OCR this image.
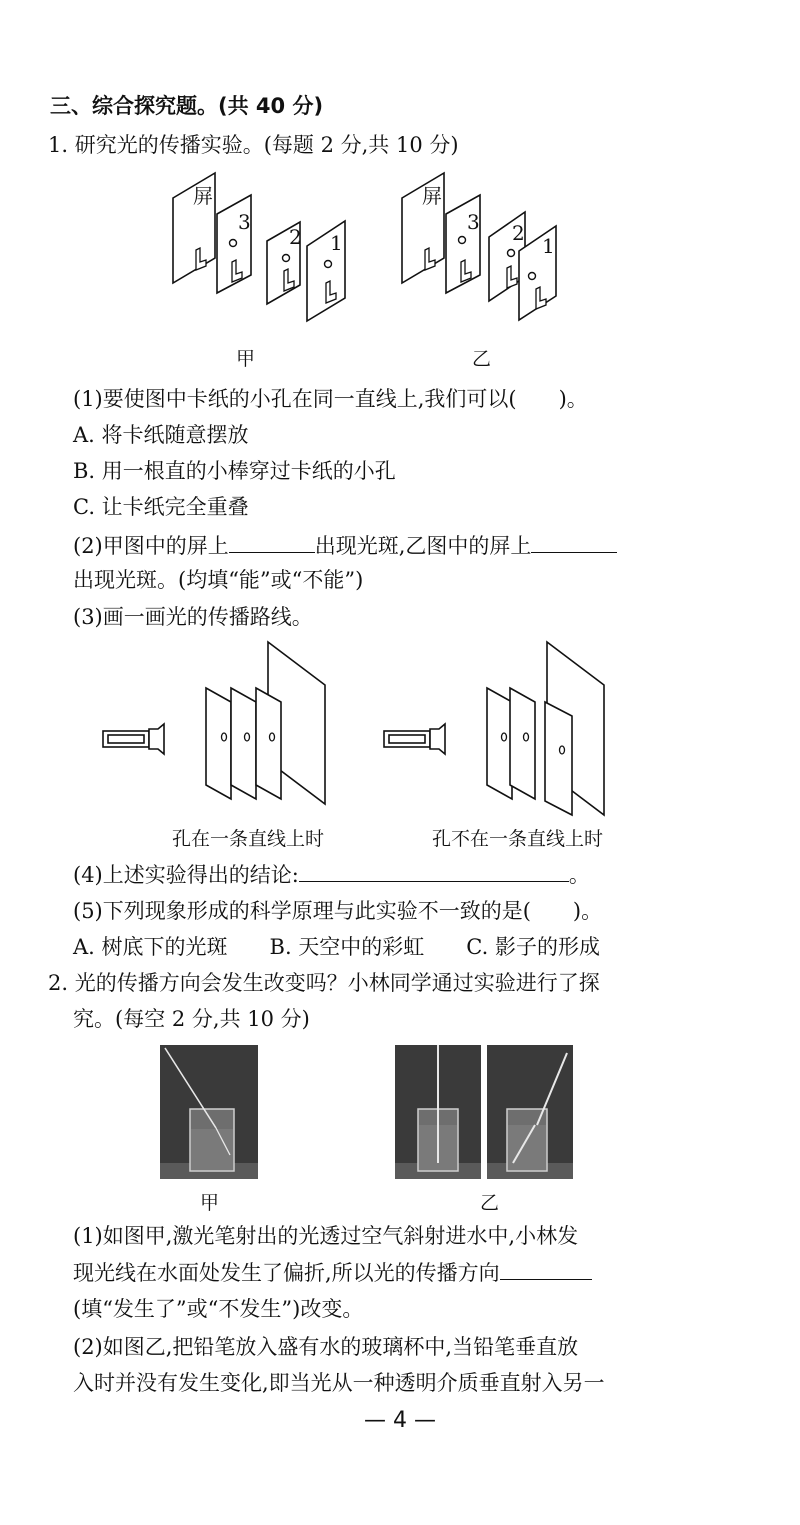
三、综合探究题。(共 40 分)
1. 研究光的传播实验。(每题 2 分,共 10 分)
屏
3
2 1
屏
3 2
1
甲	乙
(1)要使图中卡纸的小孔在同一直线上,我们可以(　　)。
A. 将卡纸随意摆放
B. 用一根直的小棒穿过卡纸的小孔
C. 让卡纸完全重叠
(2)甲图中的屏上	出现光斑,乙图中的屏上
出现光斑。(均填“能”或“不能”)
(3)画一画光的传播路线。
孔在一条直线上时	孔不在一条直线上时
(4)上述实验得出的结论:	。
(5)下列现象形成的科学原理与此实验不一致的是(　　)。
A. 树底下的光斑　　B. 天空中的彩虹　　C. 影子的形成
2. 光的传播方向会发生改变吗？小林同学通过实验进行了探
究。(每空 2 分,共 10 分)
甲	乙
(1)如图甲,激光笔射出的光透过空气斜射进水中,小林发
现光线在水面处发生了偏折,所以光的传播方向
(填“发生了”或“不发生”)改变。
(2)如图乙,把铅笔放入盛有水的玻璃杯中,当铅笔垂直放
入时并没有发生变化,即当光从一种透明介质垂直射入另一
— 4 —
